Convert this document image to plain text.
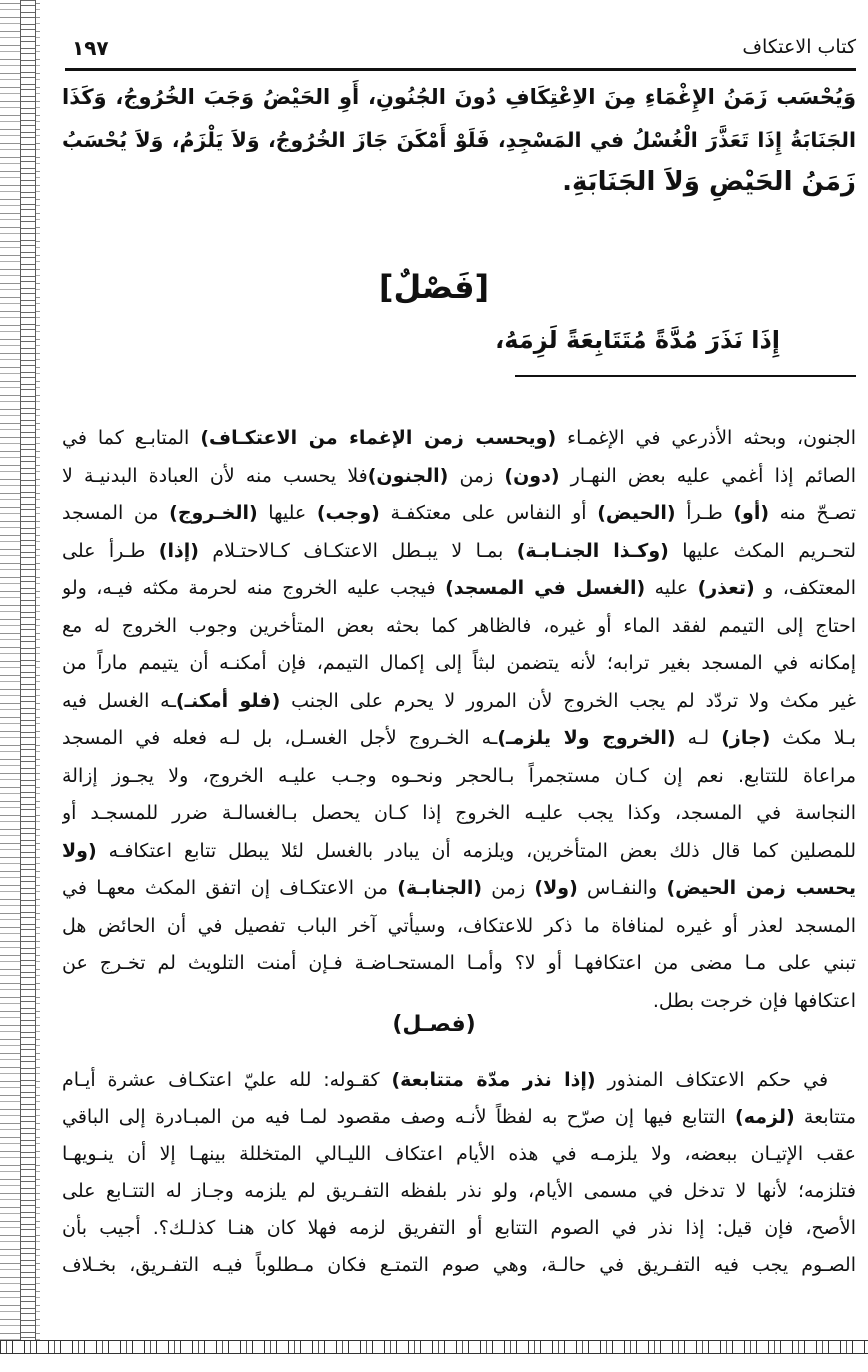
كتاب الاعتكاف
١٩٧
وَيُحْسَب زَمَنُ الإِغْمَاءِ مِنَ الاِعْتِكَافِ دُونَ الجُنُونِ، أَوِ الحَيْضُ وَجَبَ الخُرُوجُ، وَكَذَا
الجَنَابَةُ إِذَا تَعَذَّرَ الْغُسْلُ في المَسْجِدِ، فَلَوْ أَمْكَنَ جَازَ الخُرُوجُ، وَلاَ يَلْزَمُ، وَلاَ يُحْسَبُ
زَمَنُ الحَيْضِ وَلاَ الجَنَابَةِ.
[فَصْلٌ]
إِذَا نَذَرَ مُدَّةً مُتَتَابِعَةً لَزِمَهُ،
الجنون، وبحثه الأذرعي في الإغمـاء (ويحسب زمن الإغماء من الاعتكـاف) المتابـع كما في
الصائم إذا أغمي عليه بعض النهـار (دون) زمن (الجنون)فلا يحسب منه لأن العبادة البدنيـة لا
تصـحّ منه (أو) طـرأ (الحيض) أو النفاس على معتكفـة (وجب) عليها (الخـروج) من المسجد
لتحـريم المكث عليها (وكـذا الجنـابـة) بمـا لا يبـطل الاعتكـاف كـالاحتـلام (إذا) طـرأ على
المعتكف، و (تعذر) عليه (الغسل في المسجد) فيجب عليه الخروج منه لحرمة مكثه فيـه، ولو
احتاج إلى التيمم لفقد الماء أو غيره، فالظاهر كما بحثه بعض المتأخرين وجوب الخروج له مع
إمكانه في المسجد بغير ترابه؛ لأنه يتضمن لبثاً إلى إكمال التيمم، فإن أمكنـه أن يتيمم ماراً من
غير مكث ولا تردّد لم يجب الخروج لأن المرور لا يحرم على الجنب (فلو أمكنـ)ـه الغسل فيه
بـلا مكث (جاز) لـه (الخروج ولا يلزمـ)ـه الخـروج لأجل الغسـل، بل لـه فعله في المسجد
مراعاة للتتابع. نعم إن كـان مستجمراً بـالحجر ونحـوه وجـب عليـه الخروج، ولا يجـوز إزالة
النجاسة في المسجد، وكذا يجب عليـه الخروج إذا كـان يحصل بـالغسالـة ضرر للمسجـد أو
للمصلين كما قال ذلك بعض المتأخرين، ويلزمه أن يبادر بالغسل لئلا يبطل تتابع اعتكافـه (ولا
يحسب زمن الحيض) والنفـاس (ولا) زمن (الجنابـة) من الاعتكـاف إن اتفق المكث معهـا في
المسجد لعذر أو غيره لمنافاة ما ذكر للاعتكاف، وسيأتي آخر الباب تفصيل في أن الحائض هل
تبني على مـا مضى من اعتكافهـا أو لا؟ وأمـا المستحـاضـة فـإن أمنت التلويث لم تخـرج عن
اعتكافها فإن خرجت بطل.
(فصـل)
في حكم الاعتكاف المنذور (إذا نذر مدّة متتابعة) كقـوله: لله عليّ اعتكـاف عشرة أيـام
متتابعة (لزمه) التتابع فيها إن صرّح به لفظاً لأنـه وصف مقصود لمـا فيه من المبـادرة إلى الباقي
عقب الإتيـان ببعضه، ولا يلزمـه في هذه الأيام اعتكاف الليـالي المتخللة بينهـا إلا أن ينـويهـا
فتلزمه؛ لأنها لا تدخل في مسمى الأيام، ولو نذر بلفظه التفـريق لم يلزمه وجـاز له التتـابع على
الأصح، فإن قيل: إذا نذر في الصوم التتابع أو التفريق لزمه فهلا كان هنـا كذلـك؟. أجيب بأن
الصـوم يجب فيه التفـريق في حالـة، وهي صوم التمتـع فكان مـطلوباً فيـه التفـريق، بخـلاف
